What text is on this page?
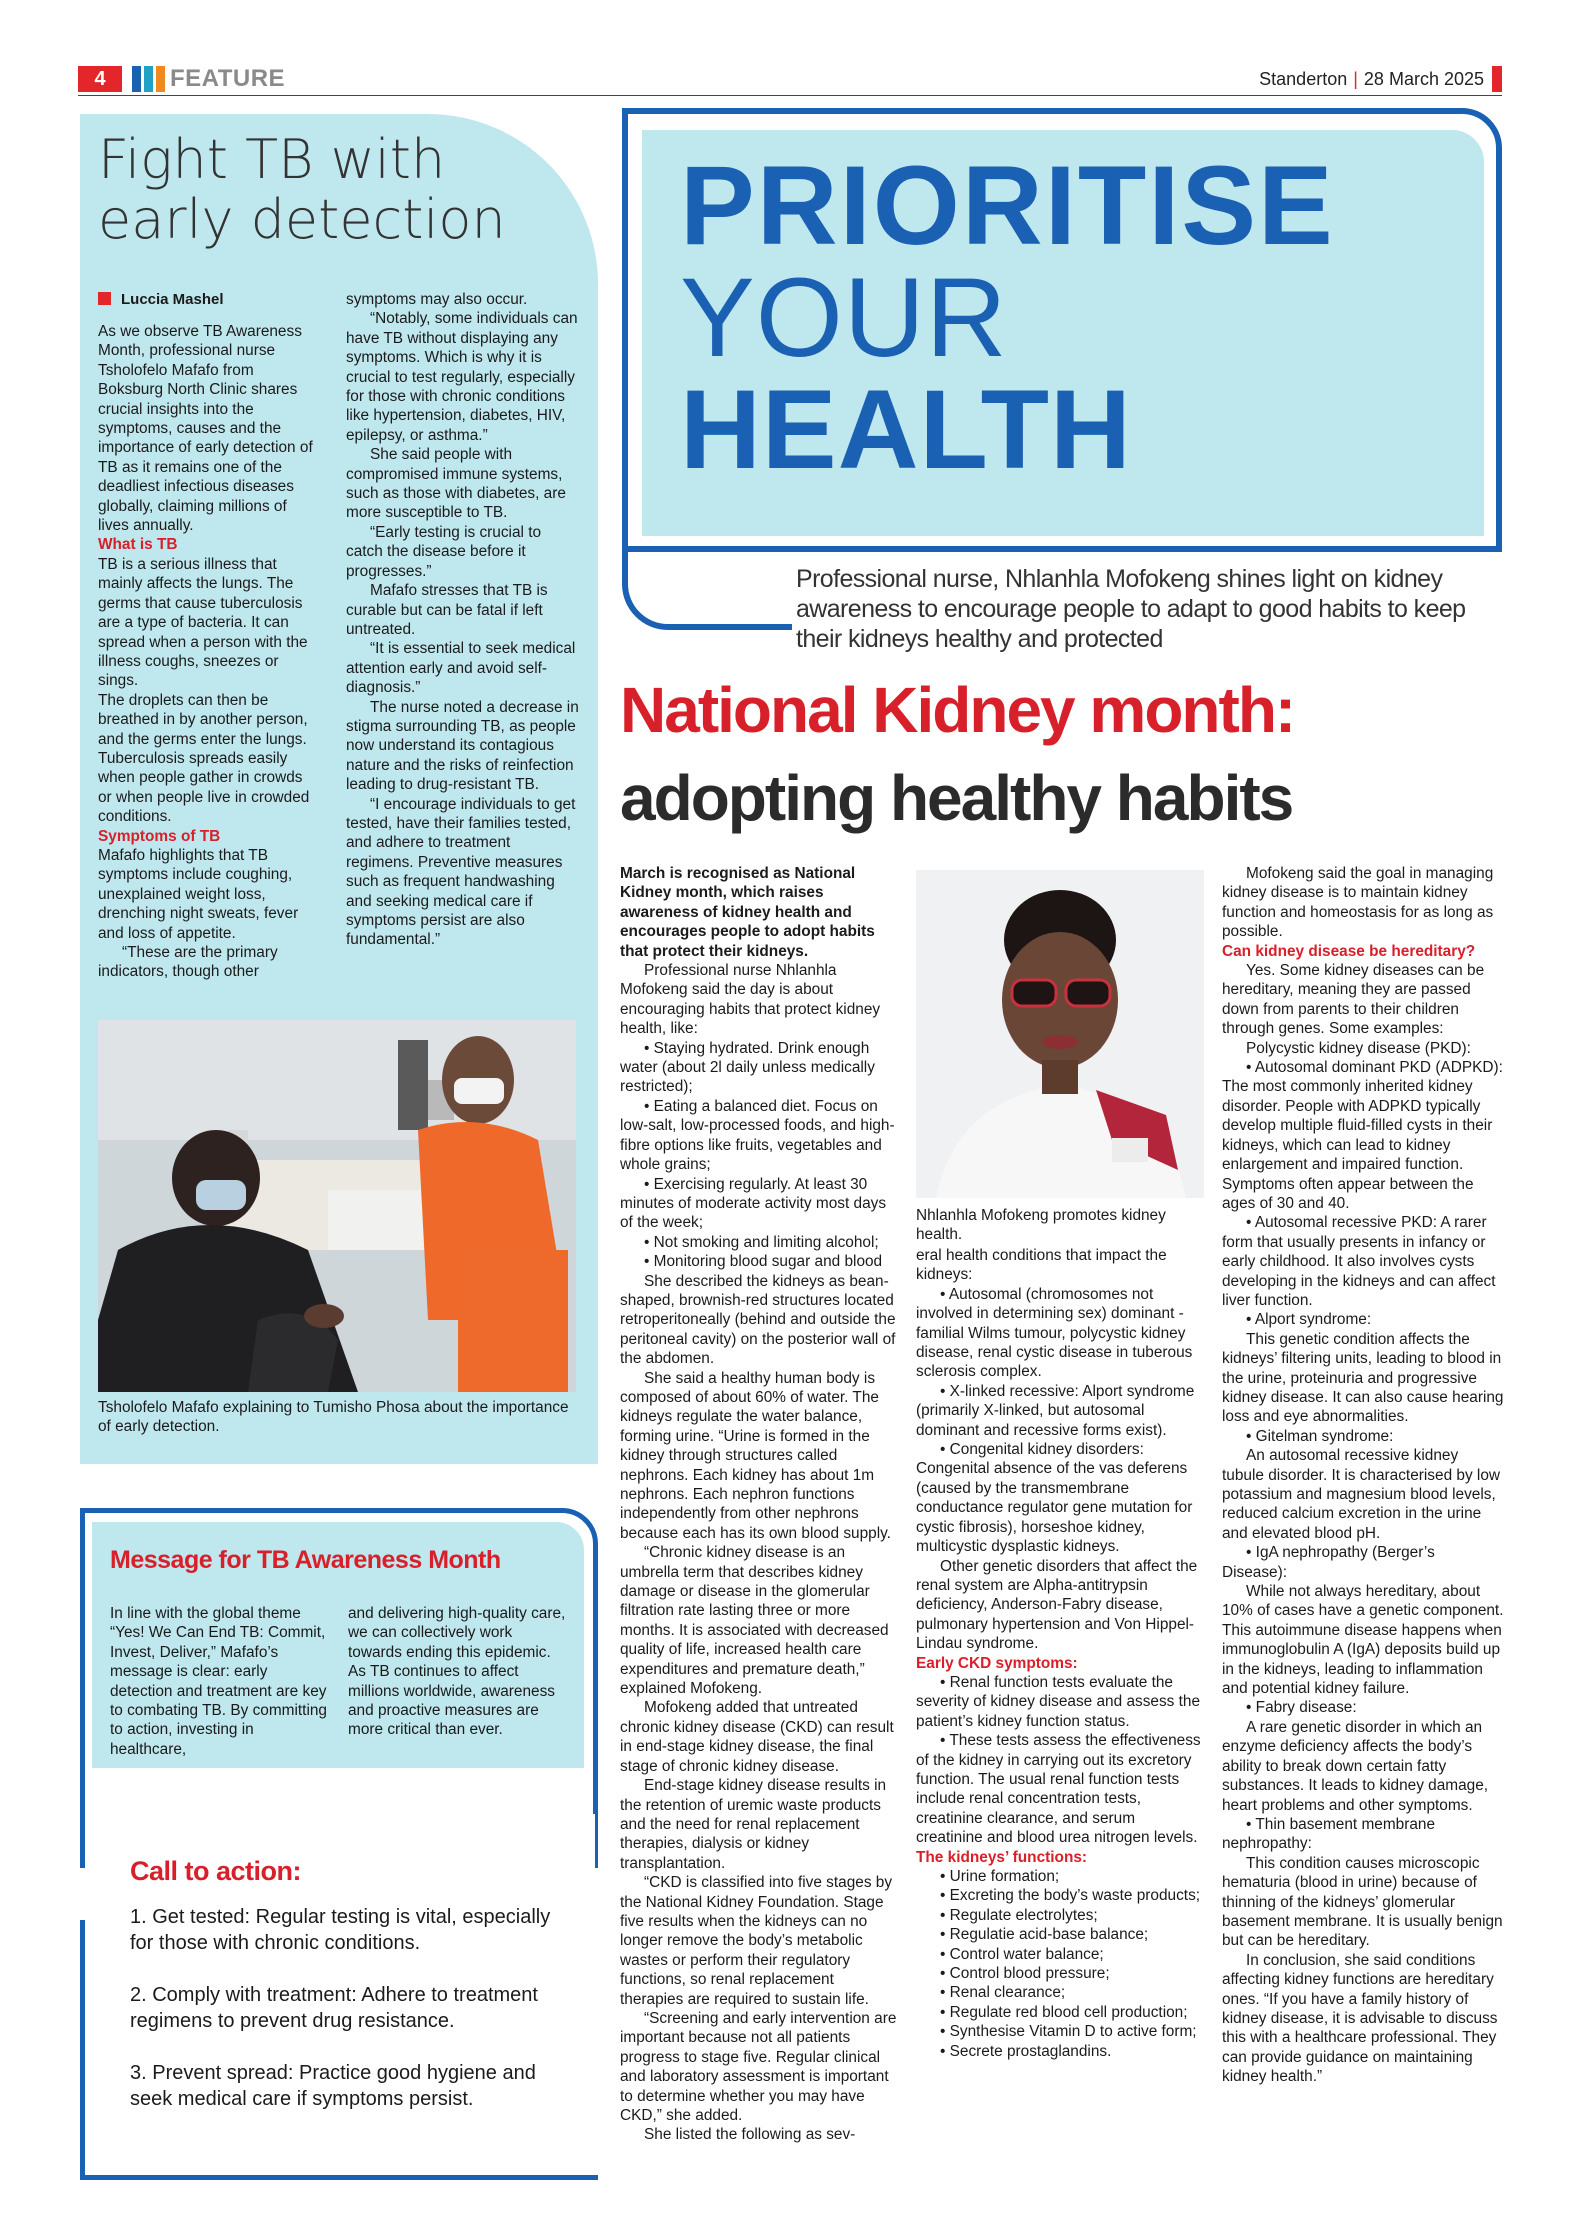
4	FEATURE	Standerton | 28 March 2025
Fight TB with
early detection
Luccia Mashel

As we observe TB Awareness Month, professional nurse Tsholofelo Mafafo from Boksburg North Clinic shares crucial insights into the symptoms, causes and the importance of early detection of TB as it remains one of the deadliest infectious diseases globally, claiming millions of lives annually.

What is TB

TB is a serious illness that mainly affects the lungs. The germs that cause tuberculosis are a type of bacteria. It can spread when a person with the illness coughs, sneezes or sings.

The droplets can then be breathed in by another person, and the germs enter the lungs. Tuberculosis spreads easily when people gather in crowds or when people live in crowded conditions.

Symptoms of TB

Mafafo highlights that TB symptoms include coughing, unexplained weight loss, drenching night sweats, fever and loss of appetite.

“These are the primary indicators, though other

symptoms may also occur.

“Notably, some individuals can have TB without displaying any symptoms. Which is why it is crucial to test regularly, especially for those with chronic conditions like hypertension, diabetes, HIV, epilepsy, or asthma.”

She said people with compromised immune systems, such as those with diabetes, are more susceptible to TB.

“Early testing is crucial to catch the disease before it progresses.”

Mafafo stresses that TB is curable but can be fatal if left untreated.

“It is essential to seek medical attention early and avoid self-diagnosis.”

The nurse noted a decrease in stigma surrounding TB, as people now understand its contagious nature and the risks of reinfection leading to drug-resistant TB.

“I encourage individuals to get tested, have their families tested, and adhere to treatment regimens. Preventive measures such as frequent handwashing and seeking medical care if symptoms persist are also fundamental.”

Tsholofelo Mafafo explaining to Tumisho Phosa about the importance of early detection.
Message for TB Awareness Month
In line with the global theme “Yes! We Can End TB: Commit, Invest, Deliver,” Mafafo’s message is clear: early detection and treatment are key to combating TB. By committing to action, investing in healthcare,
and delivering high-quality care, we can collectively work towards ending this epidemic. As TB continues to affect millions worldwide, awareness and proactive measures are more critical than ever.
Call to action:

1. Get tested: Regular testing is vital, especially for those with chronic conditions.

2. Comply with treatment: Adhere to treatment regimens to prevent drug resistance.

3. Prevent spread: Practice good hygiene and seek medical care if symptoms persist.

PRIORITISE
YOUR
HEALTH
Professional nurse, Nhlanhla Mofokeng shines light on kidney awareness to encourage people to adapt to good habits to keep their kidneys healthy and protected
National Kidney month:
adopting healthy habits

March is recognised as National Kidney month, which raises awareness of kidney health and encourages people to adopt habits that protect their kidneys.

Professional nurse Nhlanhla Mofokeng said the day is about encouraging habits that protect kidney health, like:

• Staying hydrated. Drink enough water (about 2l daily unless medically restricted);

• Eating a balanced diet. Focus on low-salt, low-processed foods, and high-fibre options like fruits, vegetables and whole grains;

• Exercising regularly. At least 30 minutes of moderate activity most days of the week;

• Not smoking and limiting alcohol;

• Monitoring blood sugar and blood

She described the kidneys as bean-shaped, brownish-red structures located retroperitoneally (behind and outside the peritoneal cavity) on the posterior wall of the abdomen.

She said a healthy human body is composed of about 60% of water. The kidneys regulate the water balance, forming urine. “Urine is formed in the kidney through structures called nephrons. Each kidney has about 1m nephrons. Each nephron functions independently from other nephrons because each has its own blood supply.

“Chronic kidney disease is an umbrella term that describes kidney damage or disease in the glomerular filtration rate lasting three or more months. It is associated with decreased quality of life, increased health care expenditures and premature death,” explained Mofokeng.

Mofokeng added that untreated chronic kidney disease (CKD) can result in end-stage kidney disease, the final stage of chronic kidney disease.

End-stage kidney disease results in the retention of uremic waste products and the need for renal replacement therapies, dialysis or kidney transplantation.

“CKD is classified into five stages by the National Kidney Foundation. Stage five results when the kidneys can no longer remove the body’s metabolic wastes or perform their regulatory functions, so renal replacement therapies are required to sustain life.

“Screening and early intervention are important because not all patients progress to stage five. Regular clinical and laboratory assessment is important to determine whether you may have CKD,” she added.

She listed the following as sev-

Nhlanhla Mofokeng promotes kidney health.

eral health conditions that impact the kidneys:

• Autosomal (chromosomes not involved in determining sex) dominant - familial Wilms tumour, polycystic kidney disease, renal cystic disease in tuberous sclerosis complex.

• X-linked recessive: Alport syndrome (primarily X-linked, but autosomal dominant and recessive forms exist).

• Congenital kidney disorders: Congenital absence of the vas deferens (caused by the transmembrane conductance regulator gene mutation for cystic fibrosis), horseshoe kidney, multicystic dysplastic kidneys.

Other genetic disorders that affect the renal system are Alpha-antitrypsin deficiency, Anderson-Fabry disease, pulmonary hypertension and Von Hippel-Lindau syndrome.

Early CKD symptoms:

• Renal function tests evaluate the severity of kidney disease and assess the patient’s kidney function status.

• These tests assess the effectiveness of the kidney in carrying out its excretory function. The usual renal function tests include renal concentration tests, creatinine clearance, and serum creatinine and blood urea nitrogen levels.

The kidneys’ functions:

• Urine formation;

• Excreting the body’s waste products;

• Regulate electrolytes;

• Regulatie acid-base balance;

• Control water balance;

• Control blood pressure;

• Renal clearance;

• Regulate red blood cell production;

• Synthesise Vitamin D to active form;

• Secrete prostaglandins.

Mofokeng said the goal in managing kidney disease is to maintain kidney function and homeostasis for as long as possible.

Can kidney disease be hereditary?

Yes. Some kidney diseases can be hereditary, meaning they are passed down from parents to their children through genes. Some examples:

Polycystic kidney disease (PKD):

• Autosomal dominant PKD (ADPKD): The most commonly inherited kidney disorder. People with ADPKD typically develop multiple fluid-filled cysts in their kidneys, which can lead to kidney enlargement and impaired function. Symptoms often appear between the ages of 30 and 40.

• Autosomal recessive PKD: A rarer form that usually presents in infancy or early childhood. It also involves cysts developing in the kidneys and can affect liver function.

• Alport syndrome:

This genetic condition affects the kidneys’ filtering units, leading to blood in the urine, proteinuria and progressive kidney disease. It can also cause hearing loss and eye abnormalities.

• Gitelman syndrome:

An autosomal recessive kidney tubule disorder. It is characterised by low potassium and magnesium blood levels, reduced calcium excretion in the urine and elevated blood pH.

• IgA nephropathy (Berger’s Disease):

While not always hereditary, about 10% of cases have a genetic component. This autoimmune disease happens when immunoglobulin A (IgA) deposits build up in the kidneys, leading to inflammation and potential kidney failure.

• Fabry disease:

A rare genetic disorder in which an enzyme deficiency affects the body’s ability to break down certain fatty substances. It leads to kidney damage, heart problems and other symptoms.

• Thin basement membrane nephropathy:

This condition causes microscopic hematuria (blood in urine) because of thinning of the kidneys’ glomerular basement membrane. It is usually benign but can be hereditary.

In conclusion, she said conditions affecting kidney functions are hereditary ones. “If you have a family history of kidney disease, it is advisable to discuss this with a healthcare professional. They can provide guidance on maintaining kidney health.”
